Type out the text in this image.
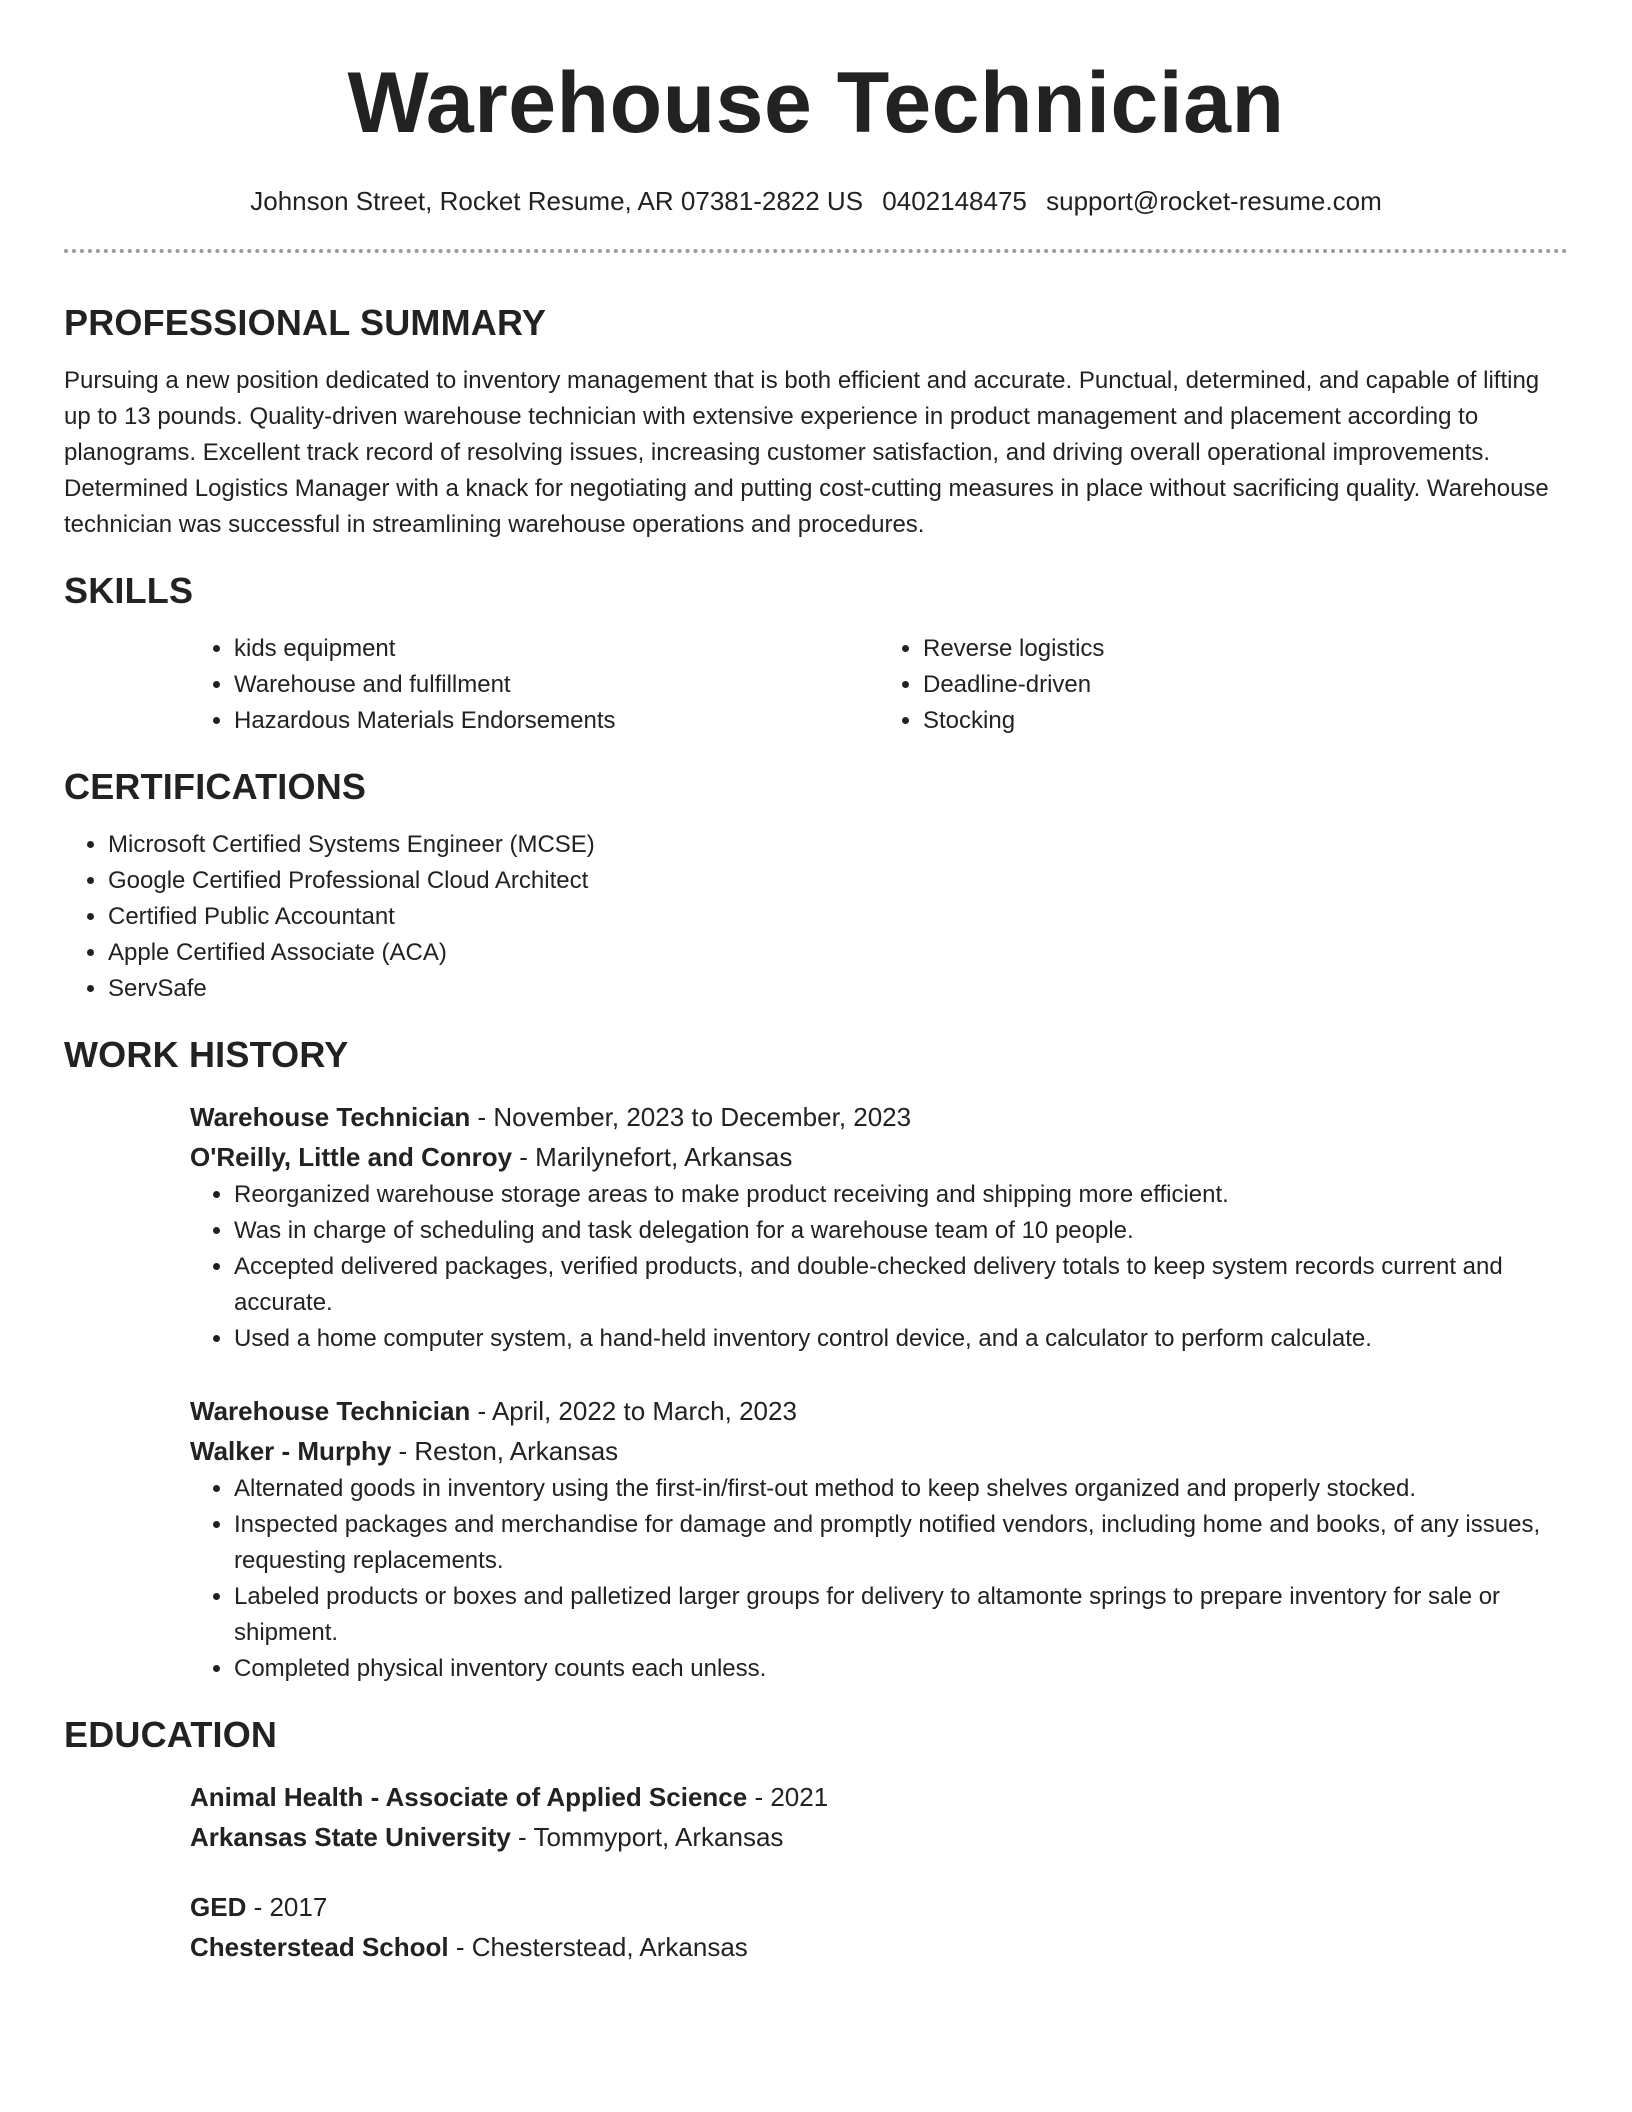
Warehouse Technician
Johnson Street, Rocket Resume, AR 07381-2822 US 0402148475 support@rocket-resume.com
PROFESSIONAL SUMMARY

Pursuing a new position dedicated to inventory management that is both efficient and accurate. Punctual, determined, and capable of lifting up to 13 pounds. Quality-driven warehouse technician with extensive experience in product management and placement according to planograms. Excellent track record of resolving issues, increasing customer satisfaction, and driving overall operational improvements. Determined Logistics Manager with a knack for negotiating and putting cost-cutting measures in place without sacrificing quality. Warehouse technician was successful in streamlining warehouse operations and procedures.

SKILLS
• kids equipment
• Warehouse and fulfillment
• Hazardous Materials Endorsements
• Reverse logistics
• Deadline-driven
• Stocking
CERTIFICATIONS
• Microsoft Certified Systems Engineer (MCSE)
• Google Certified Professional Cloud Architect
• Certified Public Accountant
• Apple Certified Associate (ACA)
• ServSafe
WORK HISTORY

Warehouse Technician - November, 2023 to December, 2023

O'Reilly, Little and Conroy - Marilynefort, Arkansas

• Reorganized warehouse storage areas to make product receiving and shipping more efficient.
• Was in charge of scheduling and task delegation for a warehouse team of 10 people.
• Accepted delivered packages, verified products, and double-checked delivery totals to keep system records current and accurate.
• Used a home computer system, a hand-held inventory control device, and a calculator to perform calculate.

Warehouse Technician - April, 2022 to March, 2023

Walker - Murphy - Reston, Arkansas

• Alternated goods in inventory using the first-in/first-out method to keep shelves organized and properly stocked.
• Inspected packages and merchandise for damage and promptly notified vendors, including home and books, of any issues, requesting replacements.
• Labeled products or boxes and palletized larger groups for delivery to altamonte springs to prepare inventory for sale or shipment.
• Completed physical inventory counts each unless.
EDUCATION

Animal Health - Associate of Applied Science - 2021

Arkansas State University - Tommyport, Arkansas

GED - 2017

Chesterstead School - Chesterstead, Arkansas
